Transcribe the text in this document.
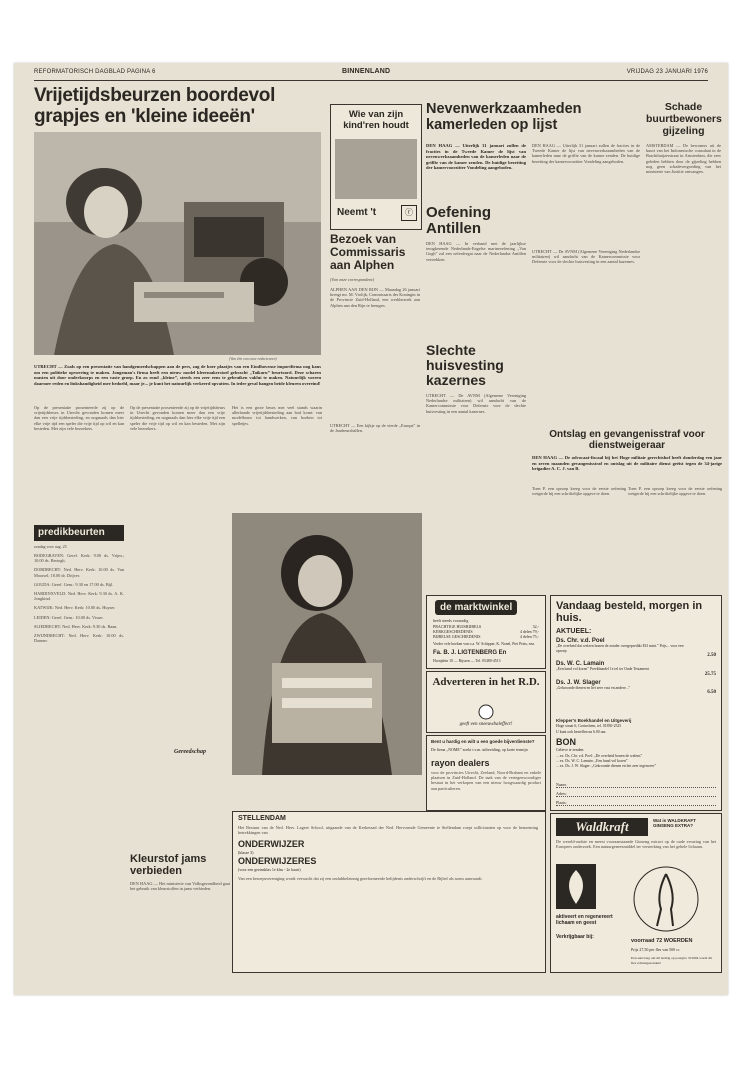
REFORMATORISCH DAGBLAD PAGINA 6	BINNENLAND	VRIJDAG 23 JANUARI 1976
Vrijetijdsbeurzen boordevol grapjes en 'kleine ideeën'
(Van één van onze redacteuren)
UTRECHT — Zoals op een presentatie van handgemeedschappen aan de pers, zag de boer plaatjes van een Eindhovense importfirma nog kans om een politieke opvoering te maken. Jongeman's firma heeft een nieuw model kleermakerstoel gebracht „Taikaru” beurtoord. Deze scharen masten uit door onderkoorps en een vaste groep. En zo rond „kleine”, steeds een zeer eens te gebruiken vaklui te maken. Natuurlijk voeren daarmee reden en linkshandigheid mee bedoeld, maar je... je kunt het natuurlijk verkeerd opvatten. In ieder geval hangen beide kleuren overeind!
Op de presentatie prosenteerde zij op de vrijetijdsbeurs in Utrecht gevonden komen meer dan een vrije tijdsbesteding, en nogmaals dan hier elke vrije tijd een speler die vrije tijd op wil en kan besteden. Met zijn vele bezoekers.
predikbeurten
zondag voor aug. 25
BODEGRAVEN: Geref. Kerk: 9.00 ds. Vrijm.; 10.00 ds. Bertogh.
DORDRECHT: Ned. Herv. Kerk: 10.00 ds. Van Moorsel; 18.00 dr. Drijver.
GOUDA: Geref. Gem.: 9.30 en 17.00 ds. Bijl.
HARDINXVELD: Ned. Herv. Kerk: 9.30 ds. A. K. Jongkind.
KATWIJK: Ned. Herv. Kerk: 10.00 ds. Huyser.
LEIDEN: Geref. Gem.: 10.00 ds. Visser.
SLIEDRECHT: Ned. Herv. Kerk: 9.30 ds. Baan.
ZWIJNDRECHT: Ned. Herv. Kerk: 10.00 ds. Donner.
Op de presentatie prosenteerde zij op de vrijetijdsbeurs in Utrecht gevonden komen meer dan een vrije tijdsbesteding, en nogmaals dan hier elke vrije tijd een speler die vrije tijd op wil en kan besteden. Met zijn vele bezoekers.
Gereedschap
Kleurstof jams verbieden
DEN HAAG — Het ministerie van Volksgezondheid gaat het gebruik van kleurstoffen in jams verbieden.
Het is een grote beurs met veel stands waarin allerhande vrijetijdsbesteding aan bod komt: van modelbouw tot handwerken, van boeken tot spelletjes.
Wie van zijn kind'ren houdt
Neemt 't	ⓡ
Bezoek van Commissaris aan Alphen
(Van onze correspondent)
ALPHEN AAN DEN RIJN — Maandag 26 januari brengt mr. M. Vrolijk, Commissaris der Koningin in de Provincie Zuid-Holland, een werkbezoek aan Alphen aan den Rijn te brengen.
Nevenwerkzaamheden kamerleden op lijst
DEN HAAG — Uiterlijk 31 januari zullen de fracties in de Tweede Kamer de lijst van nevenwerkzaamheden van de kamerleden naar de griffie van de kamer zenden. De huidige bezetting der kamervoorzitter Vondeling aangeboden.
DEN HAAG — Uiterlijk 31 januari zullen de fracties in de Tweede Kamer de lijst van nevenwerkzaamheden van de kamerleden naar de griffie van de kamer zenden. De huidige bezetting der kamervoorzitter Vondeling aangeboden.
Oefening Antillen
DEN HAAG — In verband met de jaarlijkse terugkerende Nederlands-Engelse marineoefening „Van Gogh” zal een oefenfregat naar de Nederlandse Antillen vertrekken.
Slechte huisvesting kazernes
UTRECHT — De AVNM (Algemene Vereniging Nederlandse militairen) wil aandacht van de Kamercommissie voor Defensie voor de slechte huisvesting in een aantal kazernes.
UTRECHT — De AVNM (Algemene Vereniging Nederlandse militairen) wil aandacht van de Kamercommissie voor Defensie voor de slechte huisvesting in een aantal kazernes.
Schade buurtbewoners gijzeling
AMSTERDAM — De bewoners uit de buurt van het Indonesische consulaat in de Brachthuijzerstraat in Amsterdam, die zeer geleden hebben door de gijzeling hebben nog geen schadevergoeding van het ministerie van Justitie ontvangen.
Ontslag en gevangenisstraf voor dienstweigeraar
DEN HAAG — De advocaat-fiscaal bij het Hoge militair gerechtshof heeft donderdag een jaar en zeven maanden gevangenisstraf en ontslag uit de militaire dienst geëist tegen de 34-jarige brigadier A. C. J. van B.
Toen P. een oproep kreeg voor de eerste oefening weigerde hij een schriftelijke opgave te doen.
Toen P. een oproep kreeg voor de eerste oefening weigerde hij een schriftelijke opgave te doen.
de marktwinkel
heeft steeds voorradig
PRACHTIGE HUISBIJBELS	32,-
KERKGESCHIEDENIS	4 delen 79,-
BIJBELSE GESCHIEDENIS	4 delen 75,-
Verder vele boeken van o.a. W. Schipper, K. Nonel, Piet Prins, enz.
Fa. B. J. LIGTENBERG En
Hooiplein 10 — Rijssen — Tel. 05480-4513
Adverteren in het R.D.
geeft een sneeuwbaleffect!
Bent u hardig en wilt u een goede bijverdienste?
De firma „NOME” zoekt i.v.m. uitbreiding, op korte termijn
rayon dealers
voor de provincies Utrecht, Zeeland, Noord-Brabant en enkele plaatsen in Zuid-Holland. De taak van de vertegenwoordiger bestaat in het verkopen van een nieuw hoogwaardig product aan particulieren.
Vandaag besteld, morgen in huis.
AKTUEEL:
Ds. Chr. v.d. Poel
„De overheid dat welzen bonen de zonder overgepredikt Ef3 mint.” Prijs... voor een oproep
2.50
Ds. W. C. Lamain
„Een hand vol koren” Preekbundel 1e tel ter Oude Testament
25.75
Ds. J. W. Slager
„Gekroonde dienen en het zeer vast en andere...”
6.50
Klepper's Boekhandel en Uitgeverij
Hoge straat 6, Gorinchem, tel. 01830-2525
U kunt ook bestellen na 6.00 uur.
BON
Gelieve te zenden:
... ex. Ds. Chr. v.d. Poel: „De overheid bonen de walens”
... ex. Ds. W. C. Lamain: „Een hand vol koren”
... ex. Ds. J. W. Slager: „Gekroonde dienen en het zeer tegenover”
Naam:
Adres:
Plaats:
STELLENDAM
Het Bestuur van de Ned. Herv. Lagere School, uitgaande van de Kerkeraad der Ned. Hervormde Gemeente te Stellendam roept sollicitanten op voor de benoeming betrekkingen van
ONDERWIJZER
(klasse 3)
ONDERWIJZERES
(voor een gezinsklas 1e klas - 2e kaart)
Van een beroepsvereniging wordt verwacht dat zij een ondubbelzinnig gereformeerde belijdenis onderschrijft en de Bijbel als norm aanvaardt.
Waldkraft	Wat is WALDKRAFT GINSENG EXTRA?
De wereld-oudste en meest vooraanstaande Ginseng extract op de oude ervaring van het Europees onderzoek. Een natuurgeneesmiddel ter versterking van het gehele lichaam.
aktiveert en regenereert
lichaam en geest
Verkrijgbaar bij:
voorraad 72 WOERDEN
Prijs 27,50 per fles van 500 cc
Een aanvraag om dit bedrag op postgiro 315004 wordt dit fles u thuisgezonden!
UTRECHT — Een kijkje op de vierde „Europa” in de Jaarbeurshallen.
